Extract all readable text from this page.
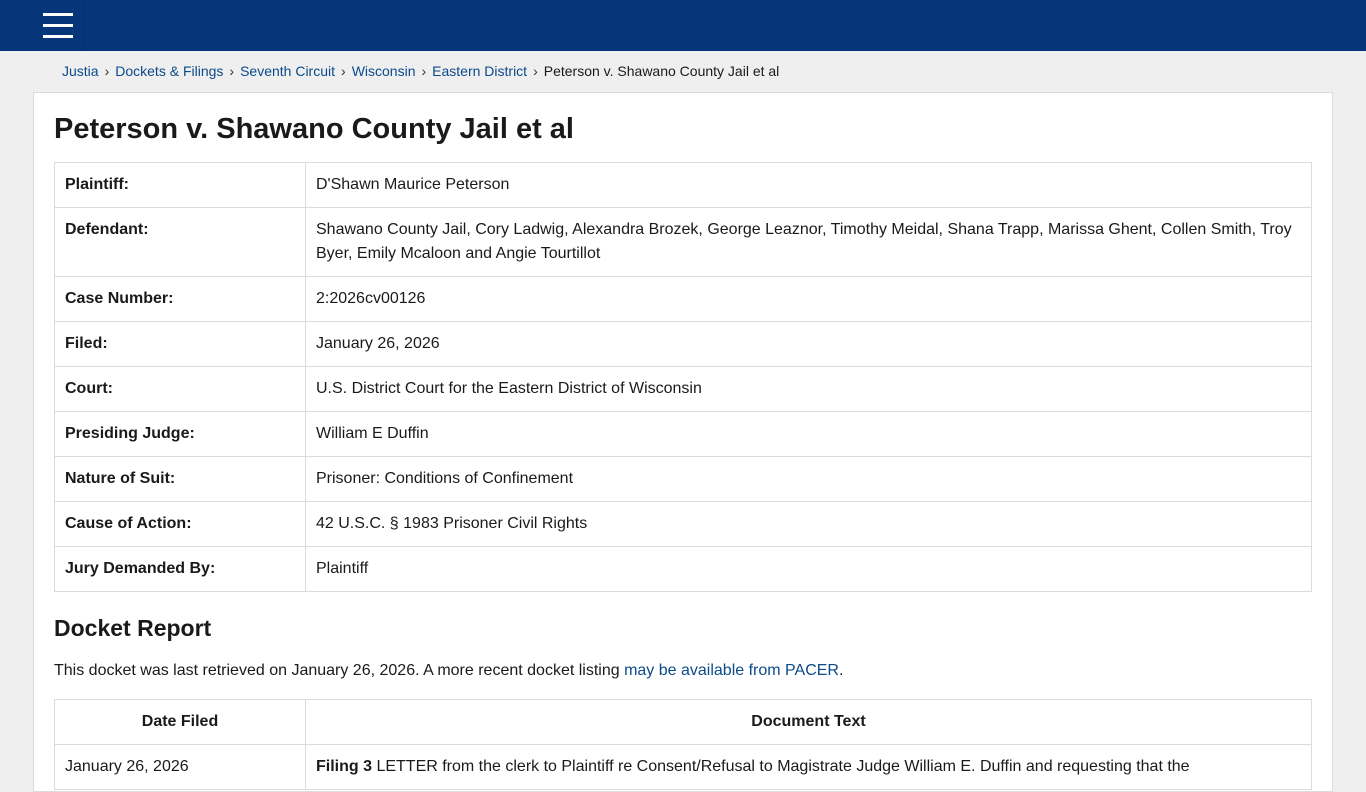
Justia › Dockets & Filings › Seventh Circuit › Wisconsin › Eastern District › Peterson v. Shawano County Jail et al
Peterson v. Shawano County Jail et al
Plaintiff:	D'Shawn Maurice Peterson
Defendant:	Shawano County Jail, Cory Ladwig, Alexandra Brozek, George Leaznor, Timothy Meidal, Shana Trapp, Marissa Ghent, Collen Smith, Troy Byer, Emily Mcaloon and Angie Tourtillot
Case Number:	2:2026cv00126
Filed:	January 26, 2026
Court:	U.S. District Court for the Eastern District of Wisconsin
Presiding Judge:	William E Duffin
Nature of Suit:	Prisoner: Conditions of Confinement
Cause of Action:	42 U.S.C. § 1983 Prisoner Civil Rights
Jury Demanded By:	Plaintiff
Docket Report

This docket was last retrieved on January 26, 2026. A more recent docket listing may be available from PACER.

Date Filed	Document Text
January 26, 2026	Filing 3 LETTER from the clerk to Plaintiff re Consent/Refusal to Magistrate Judge William E. Duffin and requesting that the
